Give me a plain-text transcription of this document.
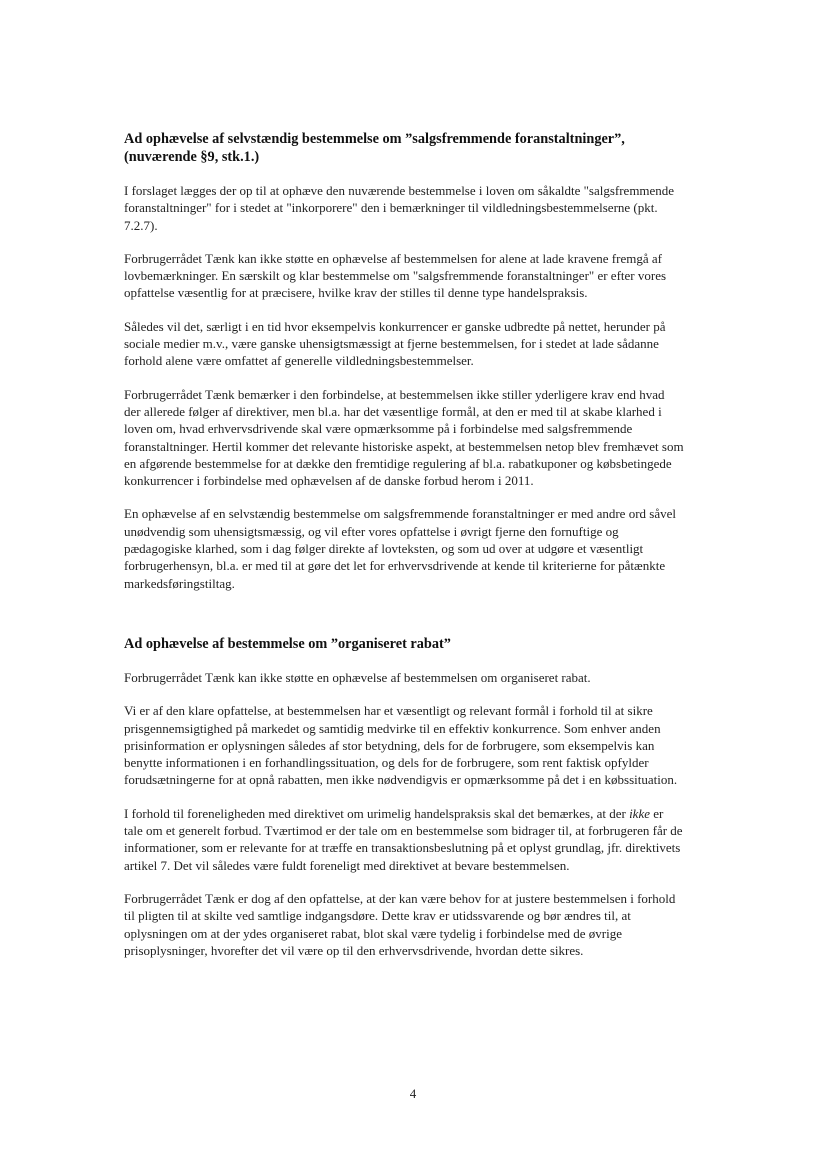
Ad ophævelse af selvstændig bestemmelse om ”salgsfremmende foranstaltninger”, (nuværende §9, stk.1.)

I forslaget lægges der op til at ophæve den nuværende bestemmelse i loven om såkaldte "salgsfremmende foranstaltninger" for i stedet at "inkorporere" den i bemærkninger til vildledningsbestemmelserne (pkt. 7.2.7).

Forbrugerrådet Tænk kan ikke støtte en ophævelse af bestemmelsen for alene at lade kravene fremgå af lovbemærkninger. En særskilt og klar bestemmelse om "salgsfremmende foranstaltninger" er efter vores opfattelse væsentlig for at præcisere, hvilke krav der stilles til denne type handelspraksis.

Således vil det, særligt i en tid hvor eksempelvis konkurrencer er ganske udbredte på nettet, herunder på sociale medier m.v., være ganske uhensigtsmæssigt at fjerne bestemmelsen, for i stedet at lade sådanne forhold alene være omfattet af generelle vildledningsbestemmelser.

Forbrugerrådet Tænk bemærker i den forbindelse, at bestemmelsen ikke stiller yderligere krav end hvad der allerede følger af direktiver, men bl.a. har det væsentlige formål, at den er med til at skabe klarhed i loven om, hvad erhvervsdrivende skal være opmærksomme på i forbindelse med salgsfremmende foranstaltninger. Hertil kommer det relevante historiske aspekt, at bestemmelsen netop blev fremhævet som en afgørende bestemmelse for at dække den fremtidige regulering af bl.a. rabatkuponer og købsbetingede konkurrencer i forbindelse med ophævelsen af de danske forbud herom i 2011.

En ophævelse af en selvstændig bestemmelse om salgsfremmende foranstaltninger er med andre ord såvel unødvendig som uhensigtsmæssig, og vil efter vores opfattelse i øvrigt fjerne den fornuftige og pædagogiske klarhed, som i dag følger direkte af lovteksten, og som ud over at udgøre et væsentligt forbrugerhensyn, bl.a. er med til at gøre det let for erhvervsdrivende at kende til kriterierne for påtænkte markedsføringstiltag.

Ad ophævelse af bestemmelse om ”organiseret rabat”

Forbrugerrådet Tænk kan ikke støtte en ophævelse af bestemmelsen om organiseret rabat.

Vi er af den klare opfattelse, at bestemmelsen har et væsentligt og relevant formål i forhold til at sikre prisgennemsigtighed på markedet og samtidig medvirke til en effektiv konkurrence. Som enhver anden prisinformation er oplysningen således af stor betydning, dels for de forbrugere, som eksempelvis kan benytte informationen i en forhandlingssituation, og dels for de forbrugere, som rent faktisk opfylder forudsætningerne for at opnå rabatten, men ikke nødvendigvis er opmærksomme på det i en købssituation.

I forhold til foreneligheden med direktivet om urimelig handelspraksis skal det bemærkes, at der ikke er tale om et generelt forbud. Tværtimod er der tale om en bestemmelse som bidrager til, at forbrugeren får de informationer, som er relevante for at træffe en transaktionsbeslutning på et oplyst grundlag, jfr. direktivets artikel 7. Det vil således være fuldt foreneligt med direktivet at bevare bestemmelsen.

Forbrugerrådet Tænk er dog af den opfattelse, at der kan være behov for at justere bestemmelsen i forhold til pligten til at skilte ved samtlige indgangsdøre. Dette krav er utidssvarende og bør ændres til, at oplysningen om at der ydes organiseret rabat, blot skal være tydelig i forbindelse med de øvrige prisoplysninger, hvorefter det vil være op til den erhvervsdrivende, hvordan dette sikres.

4
